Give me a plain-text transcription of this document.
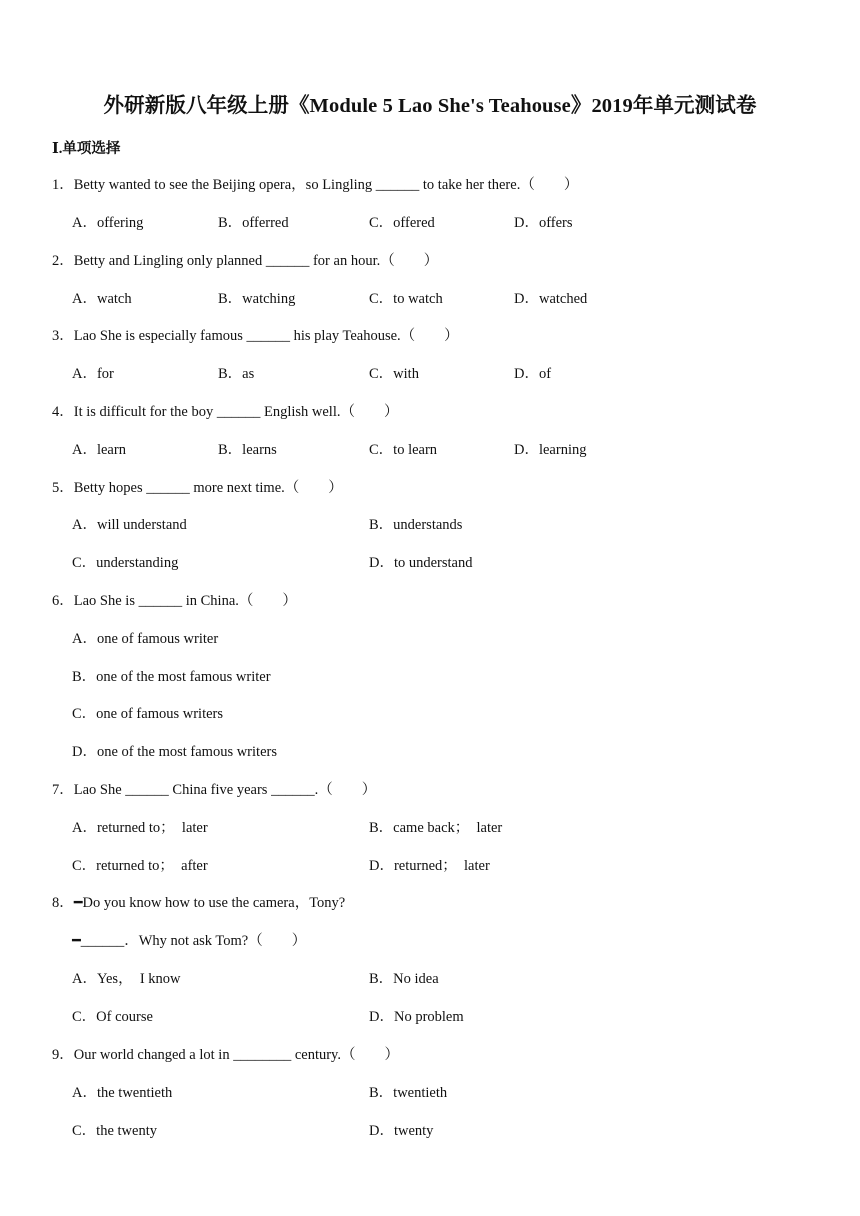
外研新版八年级上册《Module 5 Lao She's Teahouse》2019年单元测试卷
Ⅰ.单项选择
1．Betty wanted to see the Beijing opera，so Lingling ______ to take her there.（　　）
A．offering	B．offerred	C．offered	D．offers
2．Betty and Lingling only planned ______ for an hour.（　　）
A．watch	B．watching	C．to watch	D．watched
3．Lao She is especially famous ______ his play Teahouse.（　　）
A．for	B．as	C．with	D．of
4．It is difficult for the boy ______ English well.（　　）
A．learn	B．learns	C．to learn	D．learning
5．Betty hopes ______ more next time.（　　）
A．will understand	B．understands
C．understanding	D．to understand
6．Lao She is ______ in China.（　　）
A．one of famous writer
B．one of the most famous writer
C．one of famous writers
D．one of the most famous writers
7．Lao She ______ China five years ______.（　　）
A．returned to；　later	B．came back；　later
C．returned to；　after	D．returned；　later
8．━Do you know how to use the camera，Tony?
━______．Why not ask Tom?（　　）
A．Yes，　I know	B．No idea
C．Of course	D．No problem
9．Our world changed a lot in ________ century.（　　）
A．the twentieth	B．twentieth
C．the twenty	D．twenty
